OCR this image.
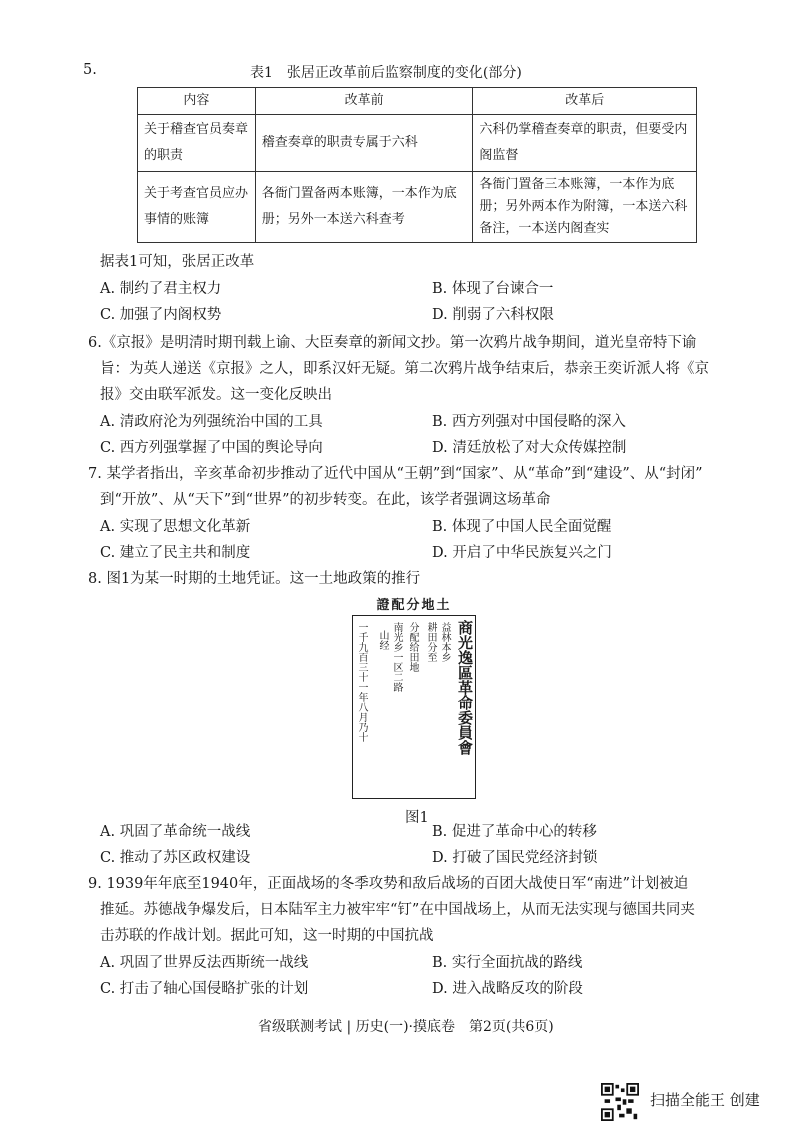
5.	表1　张居正改革前后监察制度的变化(部分)
内容	改革前	改革后
关于稽查官员奏章的职责	稽查奏章的职责专属于六科	六科仍掌稽查奏章的职责，但要受内阁监督
关于考查官员应办事情的账簿	各衙门置备两本账簿，一本作为底册；另外一本送六科查考	各衙门置备三本账簿，一本作为底册；另外两本作为附簿，一本送六科备注，一本送内阁查实
据表1可知，张居正改革
A. 制约了君主权力	B. 体现了台谏合一
C. 加强了内阁权势	D. 削弱了六科权限
6.《京报》是明清时期刊载上谕、大臣奏章的新闻文抄。第一次鸦片战争期间，道光皇帝特下谕
旨：为英人递送《京报》之人，即系汉奸无疑。第二次鸦片战争结束后，恭亲王奕䜣派人将《京
报》交由联军派发。这一变化反映出
A. 清政府沦为列强统治中国的工具	B. 西方列强对中国侵略的深入
C. 西方列强掌握了中国的舆论导向	D. 清廷放松了对大众传媒控制
7. 某学者指出，辛亥革命初步推动了近代中国从“王朝”到“国家”、从“革命”到“建设”、从“封闭”
到“开放”、从“天下”到“世界”的初步转变。在此，该学者强调这场革命
A. 实现了思想文化革新	B. 体现了中国人民全面觉醒
C. 建立了民主共和制度	D. 开启了中华民族复兴之门
8. 图1为某一时期的土地凭证。这一土地政策的推行
證配分地土
商光逸區革命委員會
益林本乡
耕田分至
分配给田地
南光乡一区二路
山经
一千九百三十一年八月乃十
图1
A. 巩固了革命统一战线	B. 促进了革命中心的转移
C. 推动了苏区政权建设	D. 打破了国民党经济封锁
9. 1939年年底至1940年，正面战场的冬季攻势和敌后战场的百团大战使日军“南进”计划被迫
推延。苏德战争爆发后，日本陆军主力被牢牢“钉”在中国战场上，从而无法实现与德国共同夹
击苏联的作战计划。据此可知，这一时期的中国抗战
A. 巩固了世界反法西斯统一战线	B. 实行全面抗战的路线
C. 打击了轴心国侵略扩张的计划	D. 进入战略反攻的阶段
省级联测考试 | 历史(一)·摸底卷　第2页(共6页)
扫描全能王 创建
